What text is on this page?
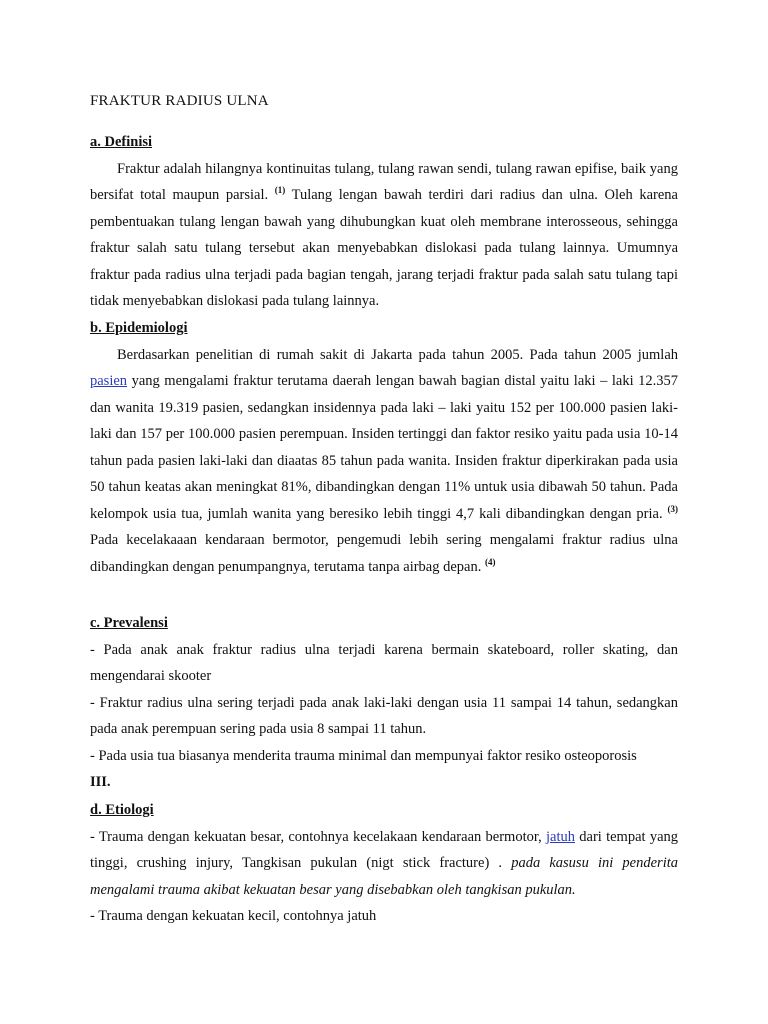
FRAKTUR RADIUS ULNA

a. Definisi

Fraktur adalah hilangnya kontinuitas tulang, tulang rawan sendi, tulang rawan epifise, baik yang bersifat total maupun parsial. $^{(1)}$ Tulang lengan bawah terdiri dari radius dan ulna. Oleh karena pembentuakan tulang lengan bawah yang dihubungkan kuat oleh membrane interosseous, sehingga fraktur salah satu tulang tersebut akan menyebabkan dislokasi pada tulang lainnya. Umumnya fraktur pada radius ulna terjadi pada bagian tengah, jarang terjadi fraktur pada salah satu tulang tapi tidak menyebabkan dislokasi pada tulang lainnya.

b. Epidemiologi

Berdasarkan penelitian di rumah sakit di Jakarta pada tahun 2005. Pada tahun 2005 jumlah pasien yang mengalami fraktur terutama daerah lengan bawah bagian distal yaitu laki – laki 12.357 dan wanita 19.319 pasien, sedangkan insidennya pada laki – laki yaitu 152 per 100.000 pasien laki-laki dan 157 per 100.000 pasien perempuan. Insiden tertinggi dan faktor resiko yaitu pada usia 10-14 tahun pada pasien laki-laki dan diaatas 85 tahun pada wanita. Insiden fraktur diperkirakan pada usia 50 tahun keatas akan meningkat 81%, dibandingkan dengan 11% untuk usia dibawah 50 tahun. Pada kelompok usia tua, jumlah wanita yang beresiko lebih tinggi 4,7 kali dibandingkan dengan pria. $^{(3)}$ Pada kecelakaaan kendaraan bermotor, pengemudi lebih sering mengalami fraktur radius ulna dibandingkan dengan penumpangnya, terutama tanpa airbag depan. $^{(4)}$

c. Prevalensi

- Pada anak anak fraktur radius ulna terjadi karena bermain skateboard, roller skating, dan mengendarai skooter

- Fraktur radius ulna sering terjadi pada anak laki-laki dengan usia 11 sampai 14 tahun, sedangkan pada anak perempuan sering pada usia 8 sampai 11 tahun.

- Pada usia tua biasanya menderita trauma minimal dan mempunyai faktor resiko osteoporosis

III.

d. Etiologi

- Trauma dengan kekuatan besar, contohnya kecelakaan kendaraan bermotor, jatuh dari tempat yang tinggi, crushing injury, Tangkisan pukulan (nigt stick fracture) . pada kasusu ini penderita mengalami trauma akibat kekuatan besar yang disebabkan oleh tangkisan pukulan.

- Trauma dengan kekuatan kecil, contohnya jatuh
